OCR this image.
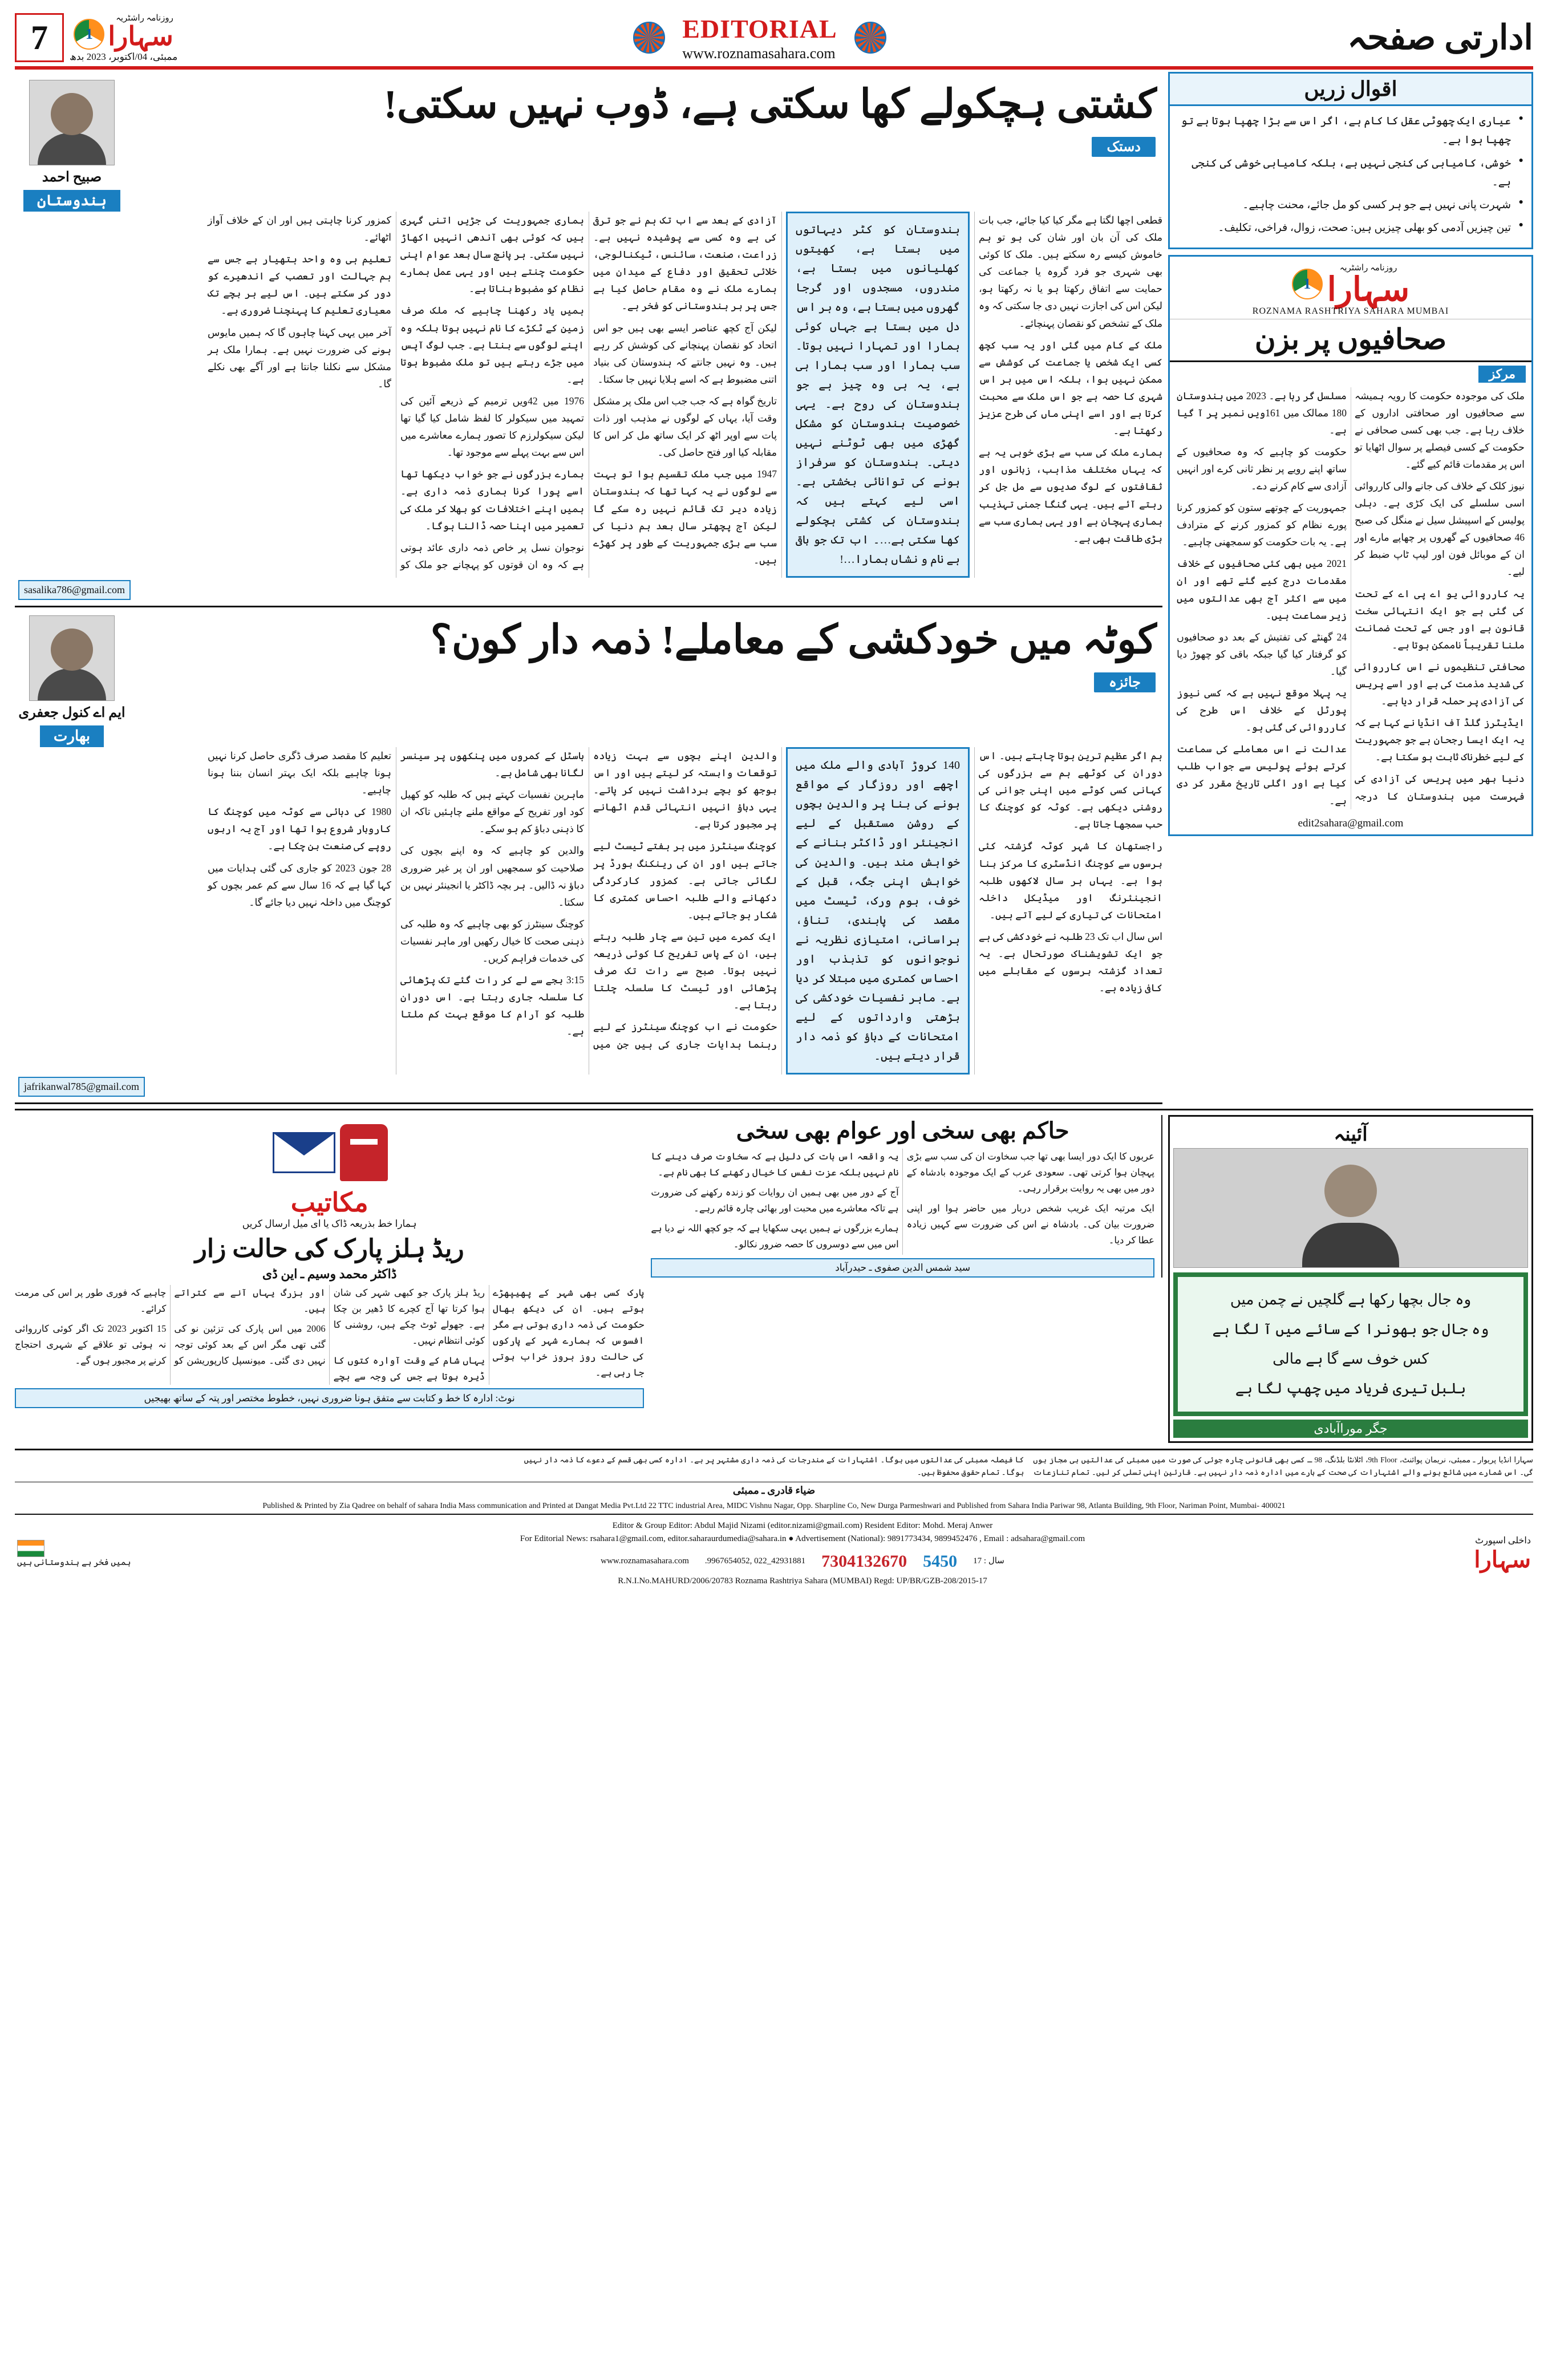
7	1
روزنامہ راشٹریہ
سہارا
ممبئی، 04/اکتوبر، 2023 بدھ
EDITORIAL
www.roznamasahara.com	ادارتی صفحہ
صبیح احمد
ہندوستان
کشتی ہچکولے کھا سکتی ہے، ڈوب نہیں سکتی!
دستک

قطعی اچھا لگتا ہے مگر کیا کیا جائے، جب بات ملک کی آن بان اور شان کی ہو تو ہم خاموش کیسے رہ سکتے ہیں۔ ملک کا کوئی بھی شہری جو فرد گروہ یا جماعت کی حمایت سے اتفاق رکھتا ہو یا نہ رکھتا ہو، لیکن اس کی اجازت نہیں دی جا سکتی کہ وہ ملک کے تشخص کو نقصان پہنچائے۔

ملک کے کام میں گئی اور یہ سب کچھ کسی ایک شخص یا جماعت کی کوشش سے ممکن نہیں ہوا، بلکہ اس میں ہر اس شہری کا حصہ ہے جو اس ملک سے محبت کرتا ہے اور اسے اپنی ماں کی طرح عزیز رکھتا ہے۔

ہمارے ملک کی سب سے بڑی خوبی یہ ہے کہ یہاں مختلف مذاہب، زبانوں اور ثقافتوں کے لوگ صدیوں سے مل جل کر رہتے آئے ہیں۔ یہی گنگا جمنی تہذیب ہماری پہچان ہے اور یہی ہماری سب سے بڑی طاقت بھی ہے۔

ہندوستان کو کٹر دیہاتوں میں بستا ہے، کھیتوں کھلیانوں میں بستا ہے، مندروں، مسجدوں اور گرجا گھروں میں بستا ہے، وہ ہر اس دل میں بستا ہے جہاں کوئی ہمارا اور تمہارا نہیں ہوتا۔ سب ہمارا اور سب ہمارا ہی ہے، یہ ہی وہ چیز ہے جو ہندوستان کی روح ہے۔ یہی خصوصیت ہندوستان کو مشکل گھڑی میں بھی ٹوٹنے نہیں دیتی۔ ہندوستان کو سرفراز ہونے کی توانائی بخشتی ہے۔ اسی لیے کہتے ہیں کہ ہندوستان کی کشتی ہچکولے کھا سکتی ہے…۔ اب تک جو باقی ہے نام و نشاں ہمارا…!

آزادی کے بعد سے اب تک ہم نے جو ترقی کی ہے وہ کسی سے پوشیدہ نہیں ہے۔ زراعت، صنعت، سائنس، ٹیکنالوجی، خلائی تحقیق اور دفاع کے میدان میں ہمارے ملک نے وہ مقام حاصل کیا ہے جس پر ہر ہندوستانی کو فخر ہے۔

لیکن آج کچھ عناصر ایسے بھی ہیں جو اس اتحاد کو نقصان پہنچانے کی کوشش کر رہے ہیں۔ وہ نہیں جانتے کہ ہندوستان کی بنیاد اتنی مضبوط ہے کہ اسے ہلایا نہیں جا سکتا۔

تاریخ گواہ ہے کہ جب جب اس ملک پر مشکل وقت آیا، یہاں کے لوگوں نے مذہب اور ذات پات سے اوپر اٹھ کر ایک ساتھ مل کر اس کا مقابلہ کیا اور فتح حاصل کی۔

1947 میں جب ملک تقسیم ہوا تو بہت سے لوگوں نے یہ کہا تھا کہ ہندوستان زیادہ دیر تک قائم نہیں رہ سکے گا لیکن آج پچھتر سال بعد ہم دنیا کی سب سے بڑی جمہوریت کے طور پر کھڑے ہیں۔

ہماری جمہوریت کی جڑیں اتنی گہری ہیں کہ کوئی بھی آندھی انہیں اکھاڑ نہیں سکتی۔ ہر پانچ سال بعد عوام اپنی حکومت چنتے ہیں اور یہی عمل ہمارے نظام کو مضبوط بناتا ہے۔

ہمیں یاد رکھنا چاہیے کہ ملک صرف زمین کے ٹکڑے کا نام نہیں ہوتا بلکہ وہ اپنے لوگوں سے بنتا ہے۔ جب لوگ آپس میں جڑے رہتے ہیں تو ملک مضبوط ہوتا ہے۔

1976 میں 42ویں ترمیم کے ذریعے آئین کی تمہید میں سیکولر کا لفظ شامل کیا گیا تھا لیکن سیکولرزم کا تصور ہمارے معاشرے میں اس سے بہت پہلے سے موجود تھا۔

ہمارے بزرگوں نے جو خواب دیکھا تھا اسے پورا کرنا ہماری ذمہ داری ہے۔ ہمیں اپنے اختلافات کو بھلا کر ملک کی تعمیر میں اپنا حصہ ڈالنا ہوگا۔

نوجوان نسل پر خاص ذمہ داری عائد ہوتی ہے کہ وہ ان قوتوں کو پہچانے جو ملک کو کمزور کرنا چاہتی ہیں اور ان کے خلاف آواز اٹھائے۔

تعلیم ہی وہ واحد ہتھیار ہے جس سے ہم جہالت اور تعصب کے اندھیرے کو دور کر سکتے ہیں۔ اس لیے ہر بچے تک معیاری تعلیم کا پہنچنا ضروری ہے۔

آخر میں یہی کہنا چاہوں گا کہ ہمیں مایوس ہونے کی ضرورت نہیں ہے۔ ہمارا ملک ہر مشکل سے نکلنا جانتا ہے اور آگے بھی نکلے گا۔

sasalika786@gmail.com
ایم اے کنول جعفری
بھارت
کوٹہ میں خودکشی کے معاملے! ذمہ دار کون؟
جائزہ

ہم اگر عظیم ترین ہوتا چاہتے ہیں۔ اس دوران کی کوٹھے ہم سے بزرگوں کی کہانی کسی کوٹے میں اپنی جوانی کی روشنی دیکھی ہے۔ کوٹہ کو کوچنگ کا حب سمجھا جاتا ہے۔

راجستھان کا شہر کوٹہ گزشتہ کئی برسوں سے کوچنگ انڈسٹری کا مرکز بنا ہوا ہے۔ یہاں ہر سال لاکھوں طلبہ انجینئرنگ اور میڈیکل داخلہ امتحانات کی تیاری کے لیے آتے ہیں۔

اس سال اب تک 23 طلبہ نے خودکشی کی ہے جو ایک تشویشناک صورتحال ہے۔ یہ تعداد گزشتہ برسوں کے مقابلے میں کافی زیادہ ہے۔

140 کروڑ آبادی والے ملک میں اچھے اور روزگار کے مواقع ہونے کی بنا پر والدین بچوں کے روشن مستقبل کے لیے انجینئر اور ڈاکٹر بنانے کے خواہش مند ہیں۔ والدین کی خواہش اپنی جگہ، قبل کے خوف، ہوم ورک، ٹیسٹ میں مقصد کی پابندی، تناؤ، ہراسانی، امتیازی نظریہ نے نوجوانوں کو تذبذب اور احساس کمتری میں مبتلا کر دیا ہے۔ ماہر نفسیات خودکشی کی بڑھتی وارداتوں کے لیے امتحانات کے دباؤ کو ذمہ دار قرار دیتے ہیں۔

والدین اپنے بچوں سے بہت زیادہ توقعات وابستہ کر لیتے ہیں اور اس بوجھ کو بچے برداشت نہیں کر پاتے۔ یہی دباؤ انہیں انتہائی قدم اٹھانے پر مجبور کرتا ہے۔

کوچنگ سینٹرز میں ہر ہفتے ٹیسٹ لیے جاتے ہیں اور ان کی رینکنگ بورڈ پر لگائی جاتی ہے۔ کمزور کارکردگی دکھانے والے طلبہ احساس کمتری کا شکار ہو جاتے ہیں۔

ایک کمرے میں تین سے چار طلبہ رہتے ہیں، ان کے پاس تفریح کا کوئی ذریعہ نہیں ہوتا۔ صبح سے رات تک صرف پڑھائی اور ٹیسٹ کا سلسلہ چلتا رہتا ہے۔

حکومت نے اب کوچنگ سینٹرز کے لیے رہنما ہدایات جاری کی ہیں جن میں ہاسٹل کے کمروں میں پنکھوں پر سینسر لگانا بھی شامل ہے۔

ماہرین نفسیات کہتے ہیں کہ طلبہ کو کھیل کود اور تفریح کے مواقع ملنے چاہئیں تاکہ ان کا ذہنی دباؤ کم ہو سکے۔

والدین کو چاہیے کہ وہ اپنے بچوں کی صلاحیت کو سمجھیں اور ان پر غیر ضروری دباؤ نہ ڈالیں۔ ہر بچہ ڈاکٹر یا انجینئر نہیں بن سکتا۔

کوچنگ سینٹرز کو بھی چاہیے کہ وہ طلبہ کی ذہنی صحت کا خیال رکھیں اور ماہر نفسیات کی خدمات فراہم کریں۔

3:15 بجے سے لے کر رات گئے تک پڑھائی کا سلسلہ جاری رہتا ہے۔ اس دوران طلبہ کو آرام کا موقع بہت کم ملتا ہے۔

تعلیم کا مقصد صرف ڈگری حاصل کرنا نہیں ہونا چاہیے بلکہ ایک بہتر انسان بننا ہونا چاہیے۔

1980 کی دہائی سے کوٹہ میں کوچنگ کا کاروبار شروع ہوا تھا اور آج یہ اربوں روپے کی صنعت بن چکا ہے۔

28 جون 2023 کو جاری کی گئی ہدایات میں کہا گیا ہے کہ 16 سال سے کم عمر بچوں کو کوچنگ میں داخلہ نہیں دیا جائے گا۔

jafrikanwal785@gmail.com
اقوال زریں
● عیاری ایک چھوٹی عقل کا کام ہے، اگر اس سے بڑا چھپا ہوتا ہے تو چھپا ہوا ہے۔
● خوشی، کامیابی کی کنجی نہیں ہے، بلکہ کامیابی خوشی کی کنجی ہے۔
● شہرت پانی نہیں ہے جو ہر کسی کو مل جائے، محنت چاہیے۔
● تین چیزیں آدمی کو بھلی چیزیں ہیں: صحت، زوال، فراخی، تکلیف۔
1
روزنامہ راشٹریہ
سہارا
ROZNAMA RASHTRIYA SAHARA MUMBAI
صحافیوں پر بزن
مرکز

ملک کی موجودہ حکومت کا رویہ ہمیشہ سے صحافیوں اور صحافتی اداروں کے خلاف رہا ہے۔ جب بھی کسی صحافی نے حکومت کے کسی فیصلے پر سوال اٹھایا تو اس پر مقدمات قائم کیے گئے۔

نیوز کلک کے خلاف کی جانے والی کارروائی اسی سلسلے کی ایک کڑی ہے۔ دہلی پولیس کے اسپیشل سیل نے منگل کی صبح 46 صحافیوں کے گھروں پر چھاپے مارے اور ان کے موبائل فون اور لیپ ٹاپ ضبط کر لیے۔

یہ کارروائی یو اے پی اے کے تحت کی گئی ہے جو ایک انتہائی سخت قانون ہے اور جس کے تحت ضمانت ملنا تقریباً ناممکن ہوتا ہے۔

صحافتی تنظیموں نے اس کارروائی کی شدید مذمت کی ہے اور اسے پریس کی آزادی پر حملہ قرار دیا ہے۔

ایڈیٹرز گلڈ آف انڈیا نے کہا ہے کہ یہ ایک ایسا رجحان ہے جو جمہوریت کے لیے خطرناک ثابت ہو سکتا ہے۔

دنیا بھر میں پریس کی آزادی کی فہرست میں ہندوستان کا درجہ مسلسل گر رہا ہے۔ 2023 میں ہندوستان 180 ممالک میں 161ویں نمبر پر آ گیا ہے۔

حکومت کو چاہیے کہ وہ صحافیوں کے ساتھ اپنے رویے پر نظر ثانی کرے اور انہیں آزادی سے کام کرنے دے۔

جمہوریت کے چوتھے ستون کو کمزور کرنا پورے نظام کو کمزور کرنے کے مترادف ہے۔ یہ بات حکومت کو سمجھنی چاہیے۔

2021 میں بھی کئی صحافیوں کے خلاف مقدمات درج کیے گئے تھے اور ان میں سے اکثر آج بھی عدالتوں میں زیر سماعت ہیں۔

24 گھنٹے کی تفتیش کے بعد دو صحافیوں کو گرفتار کیا گیا جبکہ باقی کو چھوڑ دیا گیا۔

یہ پہلا موقع نہیں ہے کہ کسی نیوز پورٹل کے خلاف اس طرح کی کارروائی کی گئی ہو۔

عدالت نے اس معاملے کی سماعت کرتے ہوئے پولیس سے جواب طلب کیا ہے اور اگلی تاریخ مقرر کر دی ہے۔

edit2sahara@gmail.com
مکاتیب
ہمارا خط بذریعہ ڈاک یا ای میل ارسال کریں
ریڈ ہلز پارک کی حالت زار
ڈاکٹر محمد وسیم ـ این ڈی

پارک کسی بھی شہر کے پھیپھڑے ہوتے ہیں۔ ان کی دیکھ بھال حکومت کی ذمہ داری ہوتی ہے مگر افسوس کہ ہمارے شہر کے پارکوں کی حالت روز بروز خراب ہوتی جا رہی ہے۔

ریڈ ہلز پارک جو کبھی شہر کی شان ہوا کرتا تھا آج کچرے کا ڈھیر بن چکا ہے۔ جھولے ٹوٹ چکے ہیں، روشنی کا کوئی انتظام نہیں۔

یہاں شام کے وقت آوارہ کتوں کا ڈیرہ ہوتا ہے جس کی وجہ سے بچے اور بزرگ یہاں آنے سے کتراتے ہیں۔

2006 میں اس پارک کی تزئین نو کی گئی تھی مگر اس کے بعد کوئی توجہ نہیں دی گئی۔ میونسپل کارپوریشن کو چاہیے کہ فوری طور پر اس کی مرمت کرائے۔

15 اکتوبر 2023 تک اگر کوئی کارروائی نہ ہوئی تو علاقے کے شہری احتجاج کرنے پر مجبور ہوں گے۔

نوٹ: ادارہ کا خط و کتابت سے متفق ہونا ضروری نہیں، خطوط مختصر اور پتہ کے ساتھ بھیجیں
حاکم بھی سخی اور عوام بھی سخی

عربوں کا ایک دور ایسا بھی تھا جب سخاوت ان کی سب سے بڑی پہچان ہوا کرتی تھی۔ سعودی عرب کے ایک موجودہ بادشاہ کے دور میں بھی یہ روایت برقرار رہی۔

ایک مرتبہ ایک غریب شخص دربار میں حاضر ہوا اور اپنی ضرورت بیان کی۔ بادشاہ نے اس کی ضرورت سے کہیں زیادہ عطا کر دیا۔

یہ واقعہ اس بات کی دلیل ہے کہ سخاوت صرف دینے کا نام نہیں بلکہ عزت نفس کا خیال رکھنے کا بھی نام ہے۔

آج کے دور میں بھی ہمیں ان روایات کو زندہ رکھنے کی ضرورت ہے تاکہ معاشرے میں محبت اور بھائی چارہ قائم رہے۔

ہمارے بزرگوں نے ہمیں یہی سکھایا ہے کہ جو کچھ اللہ نے دیا ہے اس میں سے دوسروں کا حصہ ضرور نکالو۔

سید شمس الدین صفوی ـ حیدرآباد
آئینہ
وہ جال بچھا رکھا ہے گلچیں نے چمن میں
وہ جال جو بھونرا کے سائے میں آ لگا ہے
کس خوف سے گا ہے مالی
بلبل تیری فریاد میں چھپ لگا ہے
جگر موراآبادی
سہارا انڈیا پریوار ـ ممبئی، نریمان پوائنٹ، 9th Floor، اٹلانٹا بلڈنگ، 98 ـ کسی بھی قانونی چارہ جوئی کی صورت میں ممبئی کی عدالتیں ہی مجاز ہوں گی۔ اس شمارے میں شائع ہونے والے اشتہارات کی صحت کے بارے میں ادارہ ذمہ دار نہیں ہے۔ قارئین اپنی تسلی کر لیں۔ تمام تنازعات کا فیصلہ ممبئی کی عدالتوں میں ہوگا۔ اشتہارات کے مندرجات کی ذمہ داری مشتہر پر ہے۔ ادارہ کسی بھی قسم کے دعوے کا ذمہ دار نہیں ہوگا۔ تمام حقوق محفوظ ہیں۔
ضیاء قادری ـ ممبئی
Published & Printed by Zia Qadree on behalf of sahara India Mass communication and Printed at Dangat Media Pvt.Ltd 22 TTC industrial Area, MIDC Vishnu Nagar, Opp. Sharpline Co, New Durga Parmeshwari and Published from Sahara India Pariwar 98, Atlanta Building, 9th Floor, Nariman Point, Mumbai- 400021
ہمیں فخر ہے ہندوستانی ہیں
Editor & Group Editor: Abdul Majid Nizami (editor.nizami@gmail.com) Resident Editor: Mohd. Meraj Anwer
For Editorial News: rsahara1@gmail.com, editor.saharaurdumedia@sahara.in ● Advertisement (National): 9891773434, 9899452476 , Email : adsahara@gmail.com
www.roznamasahara.com .9967654052, 022_42931881 7304132670 5450 سال : 17
R.N.I.No.MAHURD/2006/20783 Roznama Rashtriya Sahara (MUMBAI) Regd: UP/BR/GZB-208/2015-17
داخلی اسپورٹ
سہارا
